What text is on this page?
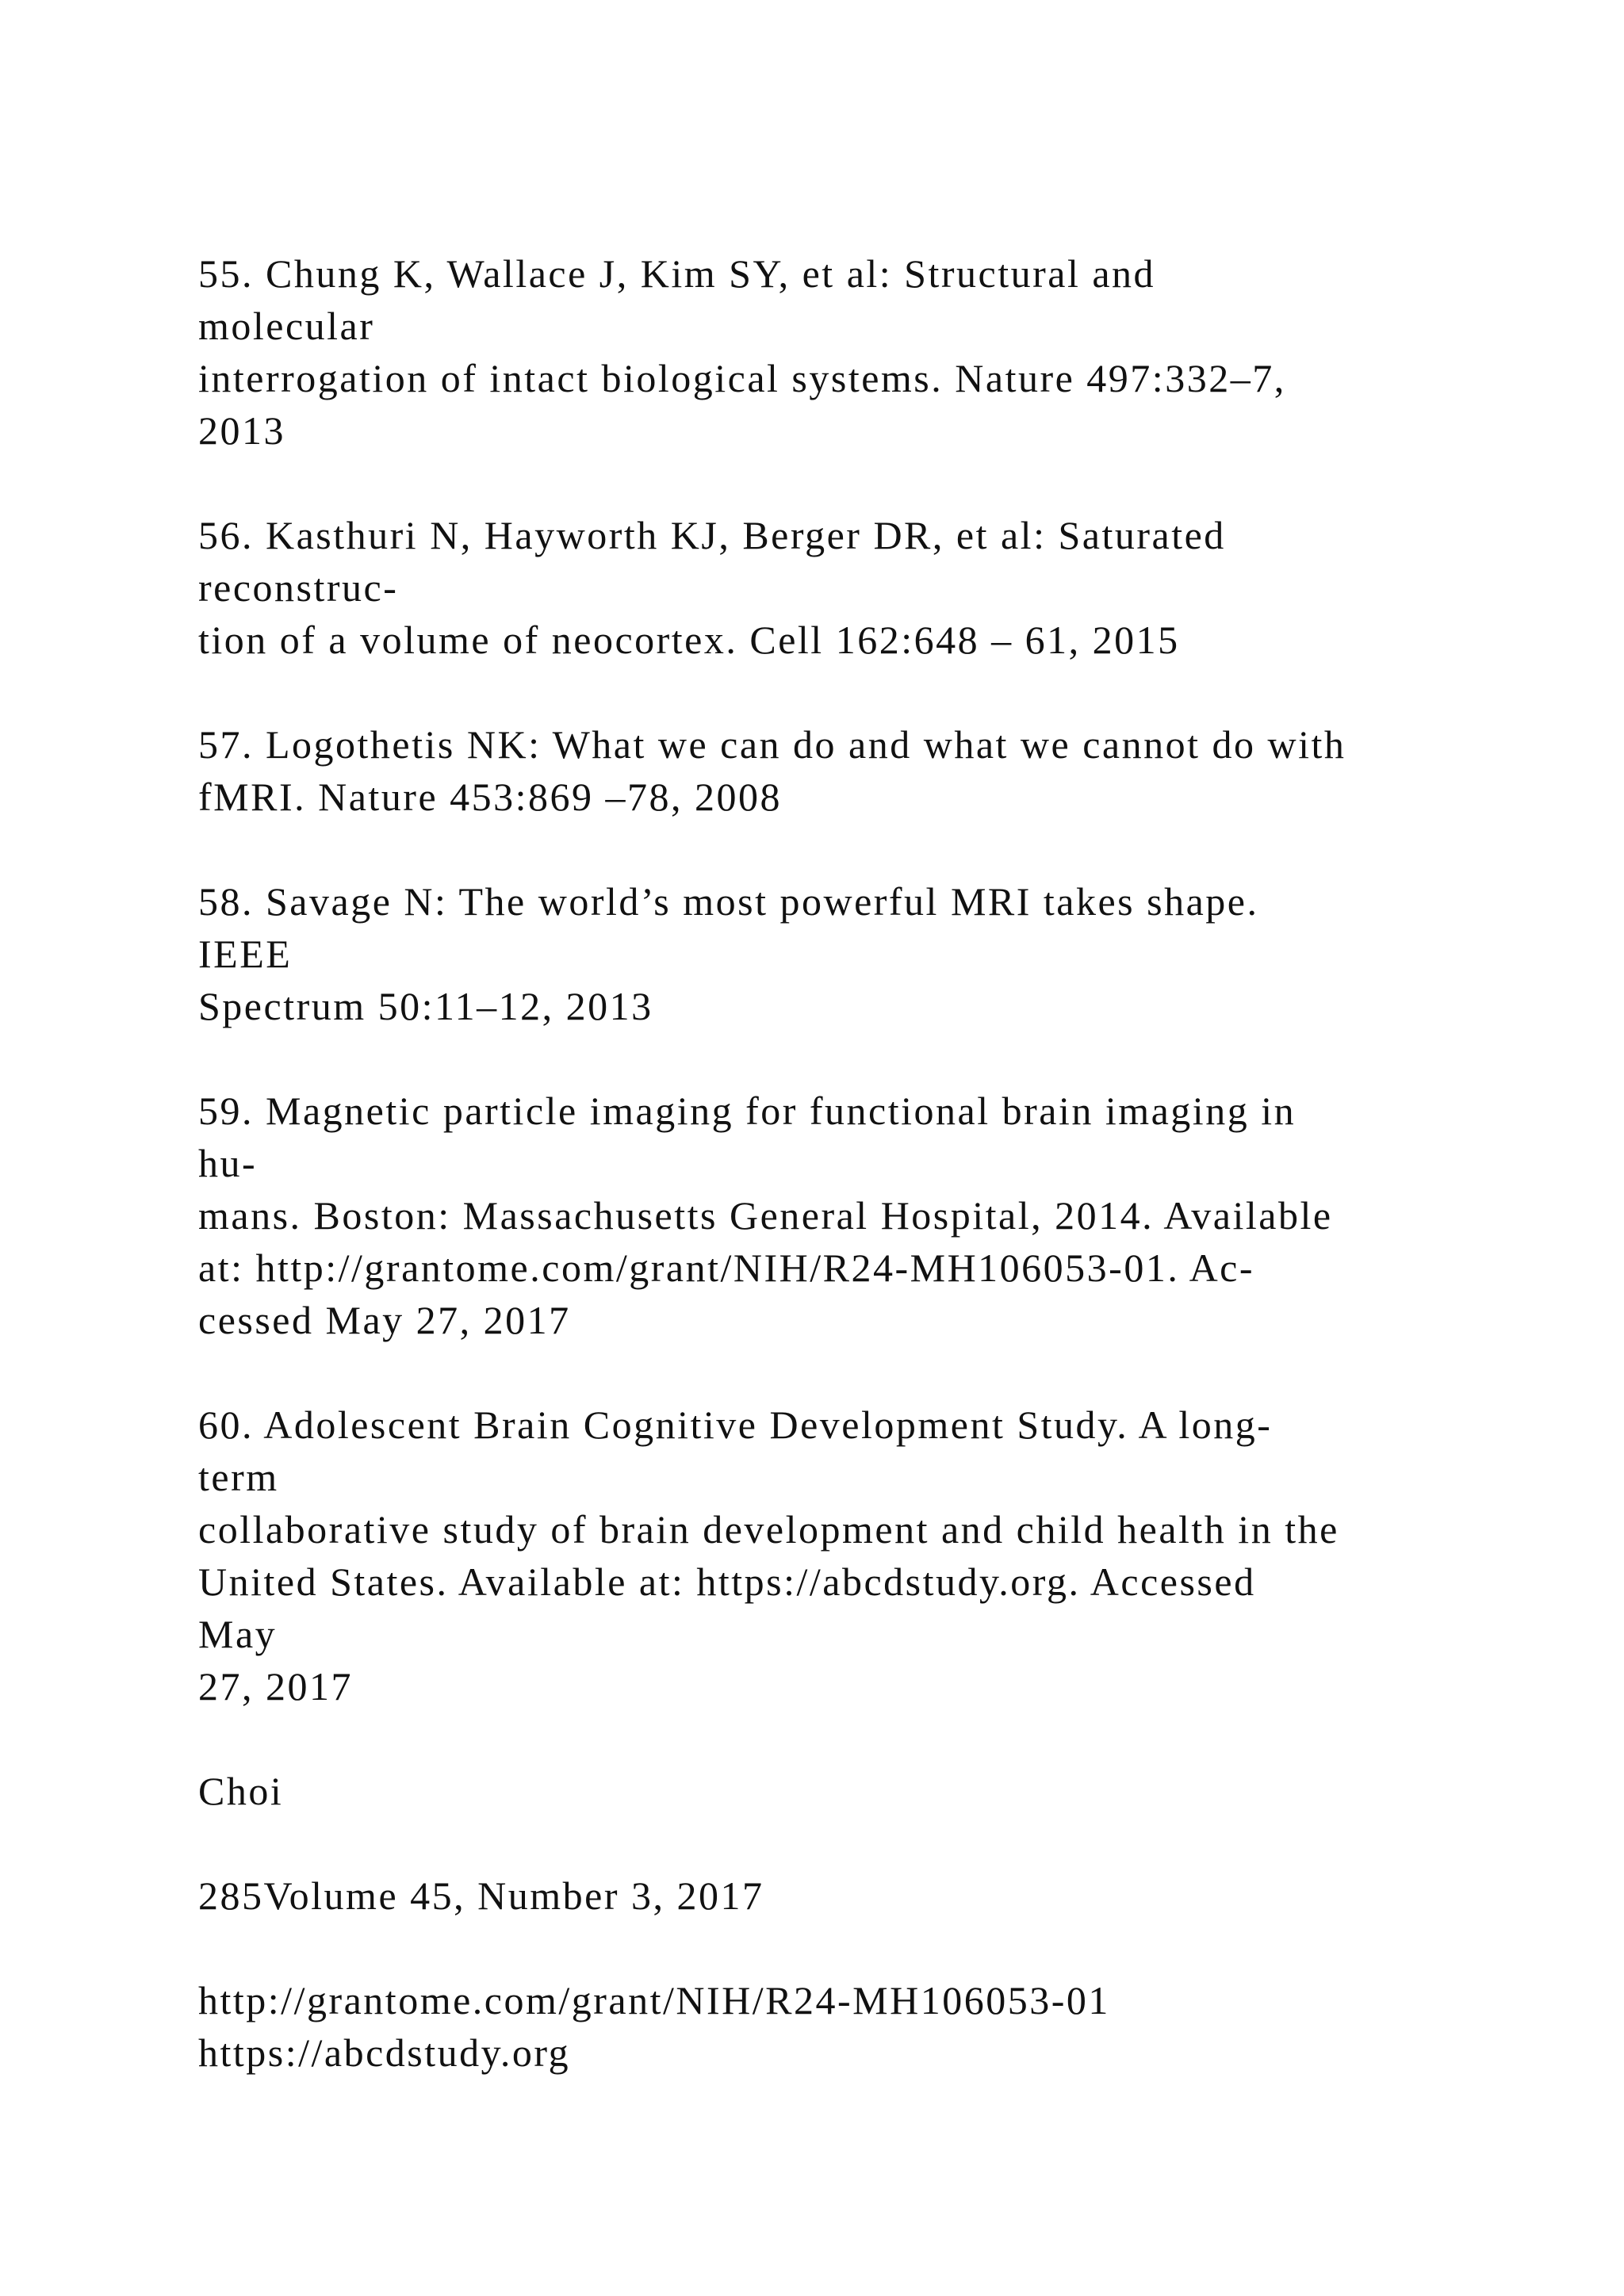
55. Chung K, Wallace J, Kim SY, et al: Structural and
molecular
interrogation of intact biological systems. Nature 497:332–7,
2013
56. Kasthuri N, Hayworth KJ, Berger DR, et al: Saturated
reconstruc-
tion of a volume of neocortex. Cell 162:648 – 61, 2015
57. Logothetis NK: What we can do and what we cannot do with
fMRI. Nature 453:869 –78, 2008
58. Savage N: The world’s most powerful MRI takes shape.
IEEE
Spectrum 50:11–12, 2013
59. Magnetic particle imaging for functional brain imaging in
hu-
mans. Boston: Massachusetts General Hospital, 2014. Available
at: http://grantome.com/grant/NIH/R24-MH106053-01. Ac-
cessed May 27, 2017
60. Adolescent Brain Cognitive Development Study. A long-
term
collaborative study of brain development and child health in the
United States. Available at: https://abcdstudy.org. Accessed
May
27, 2017
Choi
285Volume 45, Number 3, 2017
http://grantome.com/grant/NIH/R24-MH106053-01
https://abcdstudy.org
